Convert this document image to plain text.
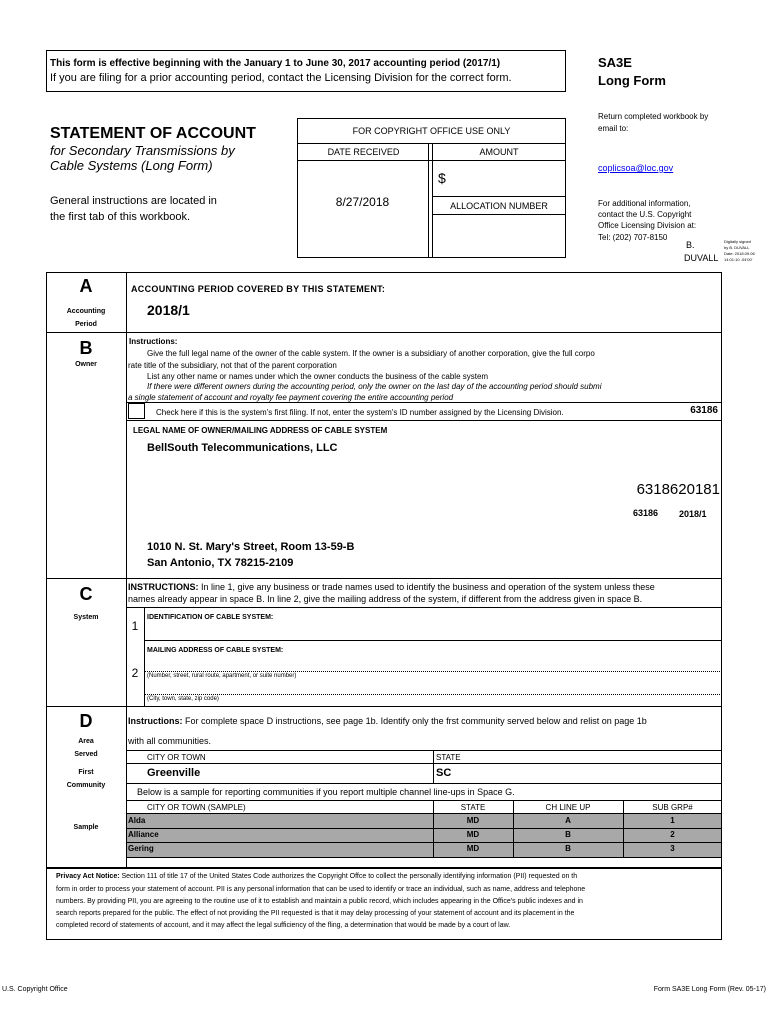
This form is effective beginning with the January 1 to June 30, 2017 accounting period (2017/1)
If you are filing for a prior accounting period, contact the Licensing Division for the correct form.
SA3E
Long Form
STATEMENT OF ACCOUNT
for Secondary Transmissions by
Cable Systems (Long Form)
General instructions are located in
the first tab of this workbook.
FOR COPYRIGHT OFFICE USE ONLY
DATE RECEIVED	AMOUNT
$
8/27/2018	ALLOCATION NUMBER
Return completed workbook by
email to:
coplicsoa@loc.gov
For additional information,
contact the U.S. Copyright
Office Licensing Division at:
Tel: (202) 707-8150
B.
DUVALL
Digitally signed
by B. DUVALL
Date: 2018.09.06
14:01:10 -04'00'
A
Accounting
Period
ACCOUNTING PERIOD COVERED BY THIS STATEMENT:
2018/1
B
Owner
Instructions:
Give the full legal name of the owner of the cable system. If the owner is a subsidiary of another corporation, give the full corpo
rate title of the subsidiary, not that of the parent corporation
List any other name or names under which the owner conducts the business of the cable system
If there were different owners during the accounting period, only the owner on the last day of the accounting period should submi
a single statement of account and royalty fee payment covering the entire accounting period
Check here if this is the system's first filing. If not, enter the system's ID number assigned by the Licensing Division.	63186
LEGAL NAME OF OWNER/MAILING ADDRESS OF CABLE SYSTEM
BellSouth Telecommunications, LLC
6318620181
63186 2018/1
1010 N. St. Mary's Street, Room 13-59-B
San Antonio, TX 78215-2109
C
System
INSTRUCTIONS: In line 1, give any business or trade names used to identify the business and operation of the system unless these
names already appear in space B. In line 2, give the mailing address of the system, if different from the address given in space B.
1
IDENTIFICATION OF CABLE SYSTEM:
MAILING ADDRESS OF CABLE SYSTEM:
2	(Number, street, rural route, apartment, or suite number)
(City, town, state, zip code)
D
Area
Served
First
Community
Sample
Instructions: For complete space D instructions, see page 1b. Identify only the frst community served below and relist on page 1b
with all communities.
CITY OR TOWN	STATE
Greenville	SC
Below is a sample for reporting communities if you report multiple channel line-ups in Space G.
CITY OR TOWN (SAMPLE)	STATE	CH LINE UP	SUB GRP#
Alda	MD	A	1
Alliance	MD	B	2
Gering	MD	B	3
Privacy Act Notice: Section 111 of title 17 of the United States Code authorizes the Copyright Offce to collect the personally identifying information (PII) requested on th
form in order to process your statement of account. PII is any personal information that can be used to identify or trace an individual, such as name, address and telephone
numbers. By providing PII, you are agreeing to the routine use of it to establish and maintain a public record, which includes appearing in the Office's public indexes and in
search reports prepared for the public. The effect of not providing the PII requested is that it may delay processing of your statement of account and its placement in the
completed record of statements of account, and it may affect the legal sufficiency of the fling, a determination that would be made by a court of law.
U.S. Copyright Office	Form SA3E Long Form (Rev. 05-17)
